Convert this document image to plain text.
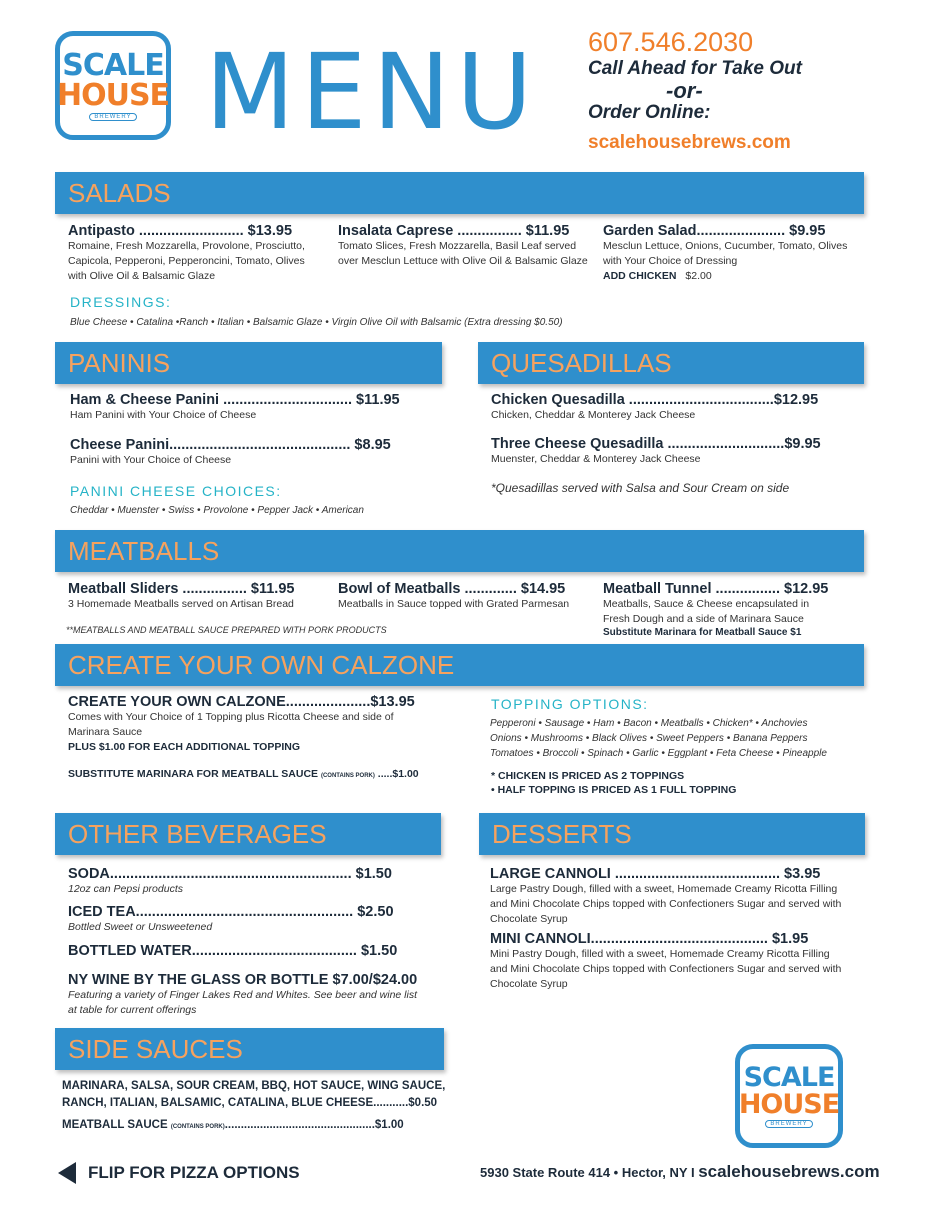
SCALE
HOUSE
BREWERY MENU 607.546.2030
Call Ahead for Take Out
-or-
Order Online:
scalehousebrews.com
SALADS
Antipasto .......................... $13.95
Romaine, Fresh Mozzarella, Provolone, Prosciutto, Capicola, Pepperoni, Pepperoncini, Tomato, Olives with Olive Oil & Balsamic Glaze
Insalata Caprese ................ $11.95
Tomato Slices, Fresh Mozzarella, Basil Leaf served over Mesclun Lettuce with Olive Oil & Balsamic Glaze
Garden Salad...................... $9.95
Mesclun Lettuce, Onions, Cucumber, Tomato, Olives with Your Choice of Dressing
ADD CHICKEN $2.00
DRESSINGS:
Blue Cheese • Catalina •Ranch • Italian • Balsamic Glaze • Virgin Olive Oil with Balsamic (Extra dressing $0.50)
PANINIS
Ham & Cheese Panini ................................ $11.95
Ham Panini with Your Choice of Cheese
Cheese Panini............................................. $8.95
Panini with Your Choice of Cheese
PANINI CHEESE CHOICES:
Cheddar • Muenster • Swiss • Provolone • Pepper Jack • American
QUESADILLAS
Chicken Quesadilla ....................................$12.95
Chicken, Cheddar & Monterey Jack Cheese
Three Cheese Quesadilla .............................$9.95
Muenster, Cheddar & Monterey Jack Cheese
*Quesadillas served with Salsa and Sour Cream on side
MEATBALLS
Meatball Sliders ................ $11.95
3 Homemade Meatballs served on Artisan Bread
Bowl of Meatballs ............. $14.95
Meatballs in Sauce topped with Grated Parmesan
Meatball Tunnel ................ $12.95
Meatballs, Sauce & Cheese encapsulated in Fresh Dough and a side of Marinara Sauce
Substitute Marinara for Meatball Sauce $1
**MEATBALLS AND MEATBALL SAUCE PREPARED WITH PORK PRODUCTS
CREATE YOUR OWN CALZONE
CREATE YOUR OWN CALZONE.....................$13.95
Comes with Your Choice of 1 Topping plus Ricotta Cheese and side of Marinara Sauce
PLUS $1.00 FOR EACH ADDITIONAL TOPPING
SUBSTITUTE MARINARA FOR MEATBALL SAUCE (CONTAINS PORK) .....$1.00
TOPPING OPTIONS:
Pepperoni • Sausage • Ham • Bacon • Meatballs • Chicken* • Anchovies
Onions • Mushrooms • Black Olives • Sweet Peppers • Banana Peppers
Tomatoes • Broccoli • Spinach • Garlic • Eggplant • Feta Cheese • Pineapple
* CHICKEN IS PRICED AS 2 TOPPINGS
• HALF TOPPING IS PRICED AS 1 FULL TOPPING
OTHER BEVERAGES
SODA............................................................ $1.50
12oz can Pepsi products
ICED TEA...................................................... $2.50
Bottled Sweet or Unsweetened
BOTTLED WATER......................................... $1.50
NY WINE BY THE GLASS OR BOTTLE $7.00/$24.00
Featuring a variety of Finger Lakes Red and Whites. See beer and wine list at table for current offerings
DESSERTS
LARGE CANNOLI ......................................... $3.95
Large Pastry Dough, filled with a sweet, Homemade Creamy Ricotta Filling and Mini Chocolate Chips topped with Confectioners Sugar and served with Chocolate Syrup
MINI CANNOLI............................................ $1.95
Mini Pastry Dough, filled with a sweet, Homemade Creamy Ricotta Filling and Mini Chocolate Chips topped with Confectioners Sugar and served with Chocolate Syrup
SIDE SAUCES
MARINARA, SALSA, SOUR CREAM, BBQ, HOT SAUCE, WING SAUCE,
RANCH, ITALIAN, BALSAMIC, CATALINA, BLUE CHEESE...........$0.50
MEATBALL SAUCE (CONTAINS PORK)...............................................$1.00
SCALE
HOUSE
BREWERY
FLIP FOR PIZZA OPTIONS	5930 State Route 414 • Hector, NY I scalehousebrews.com
